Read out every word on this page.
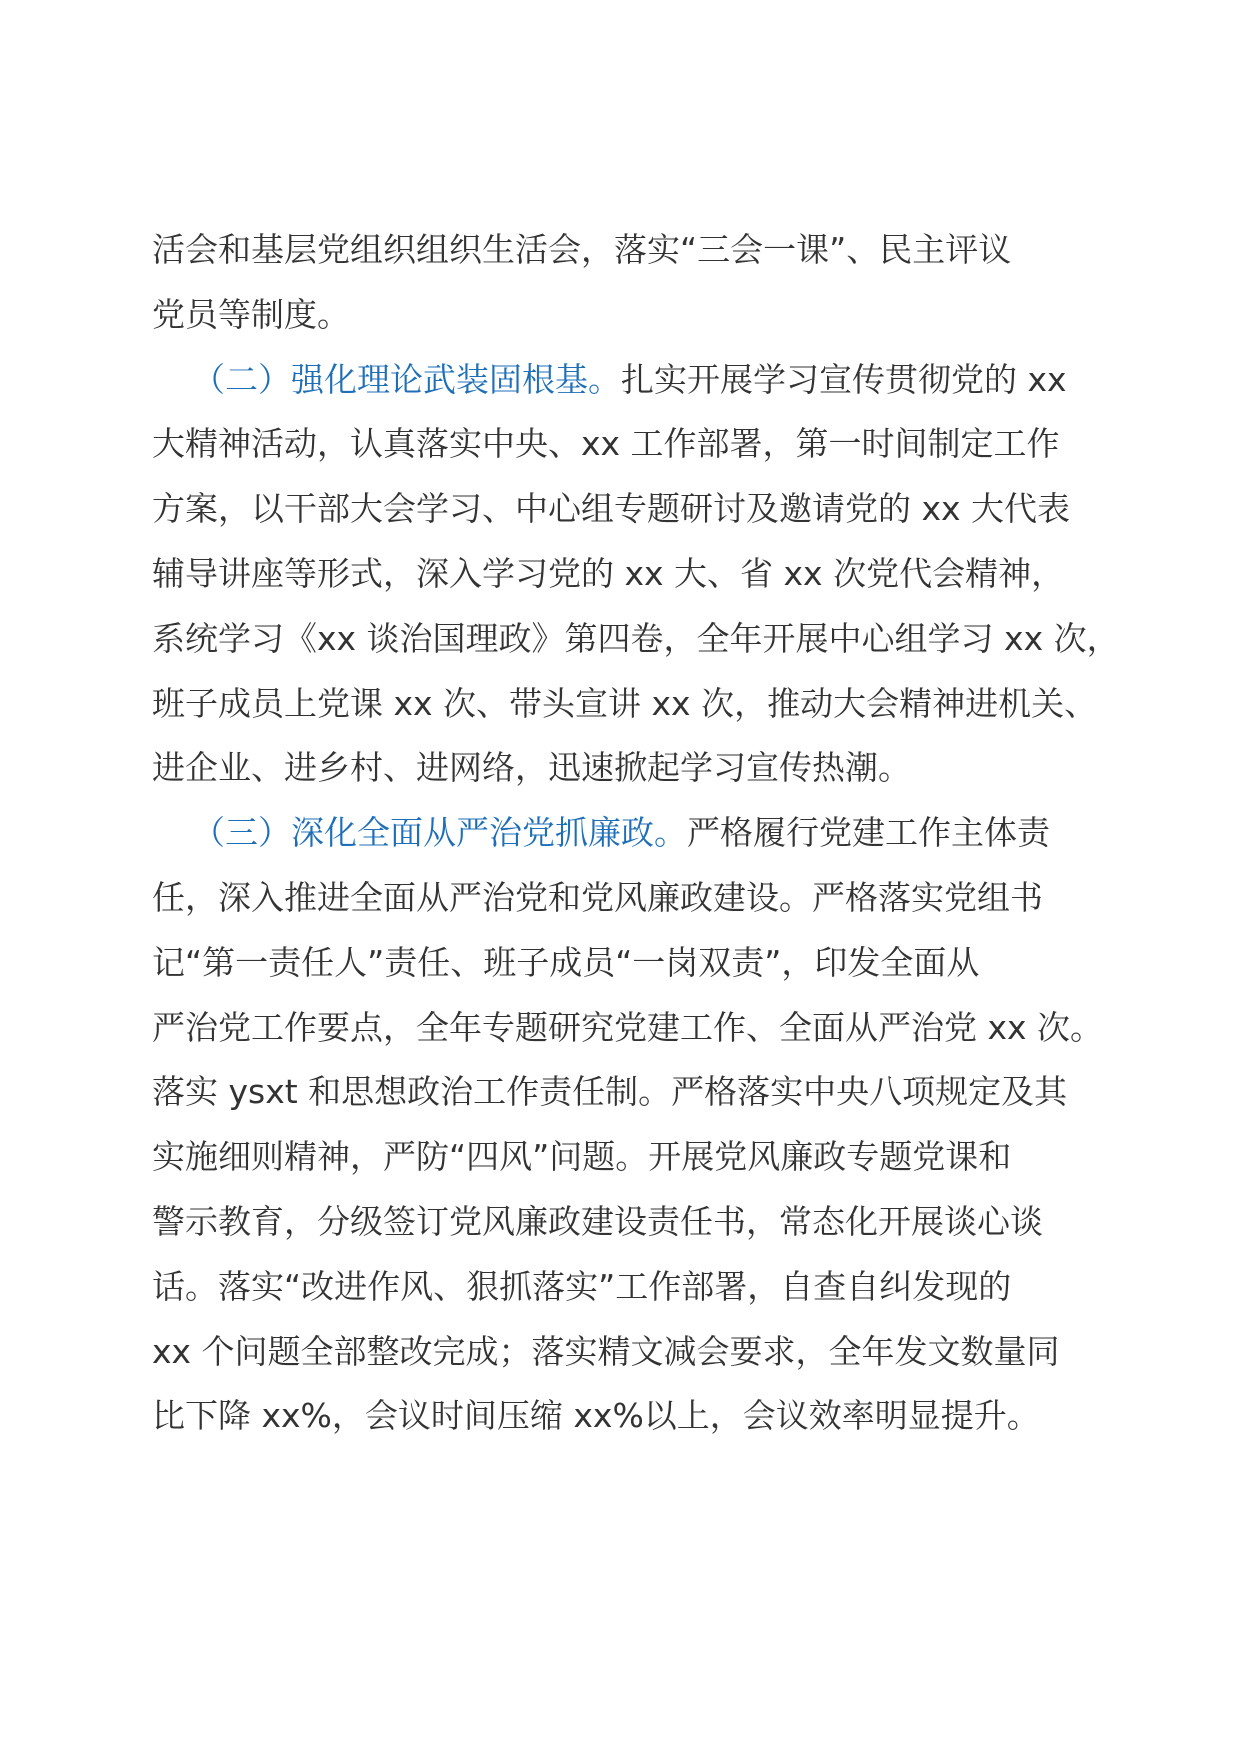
活会和基层党组织组织生活会，落实“三会一课”、民主评议
党员等制度。
（二）强化理论武装固根基。扎实开展学习宣传贯彻党的 xx
大精神活动，认真落实中央、xx 工作部署，第一时间制定工作
方案，以干部大会学习、中心组专题研讨及邀请党的 xx 大代表
辅导讲座等形式，深入学习党的 xx 大、省 xx 次党代会精神，
系统学习《xx 谈治国理政》第四卷，全年开展中心组学习 xx 次，
班子成员上党课 xx 次、带头宣讲 xx 次，推动大会精神进机关、
进企业、进乡村、进网络，迅速掀起学习宣传热潮。
（三）深化全面从严治党抓廉政。严格履行党建工作主体责
任，深入推进全面从严治党和党风廉政建设。严格落实党组书
记“第一责任人”责任、班子成员“一岗双责”，印发全面从
严治党工作要点，全年专题研究党建工作、全面从严治党 xx 次。
落实 ysxt 和思想政治工作责任制。严格落实中央八项规定及其
实施细则精神，严防“四风”问题。开展党风廉政专题党课和
警示教育，分级签订党风廉政建设责任书，常态化开展谈心谈
话。落实“改进作风、狠抓落实”工作部署，自查自纠发现的
xx 个问题全部整改完成；落实精文减会要求，全年发文数量同
比下降 xx%，会议时间压缩 xx%以上，会议效率明显提升。
